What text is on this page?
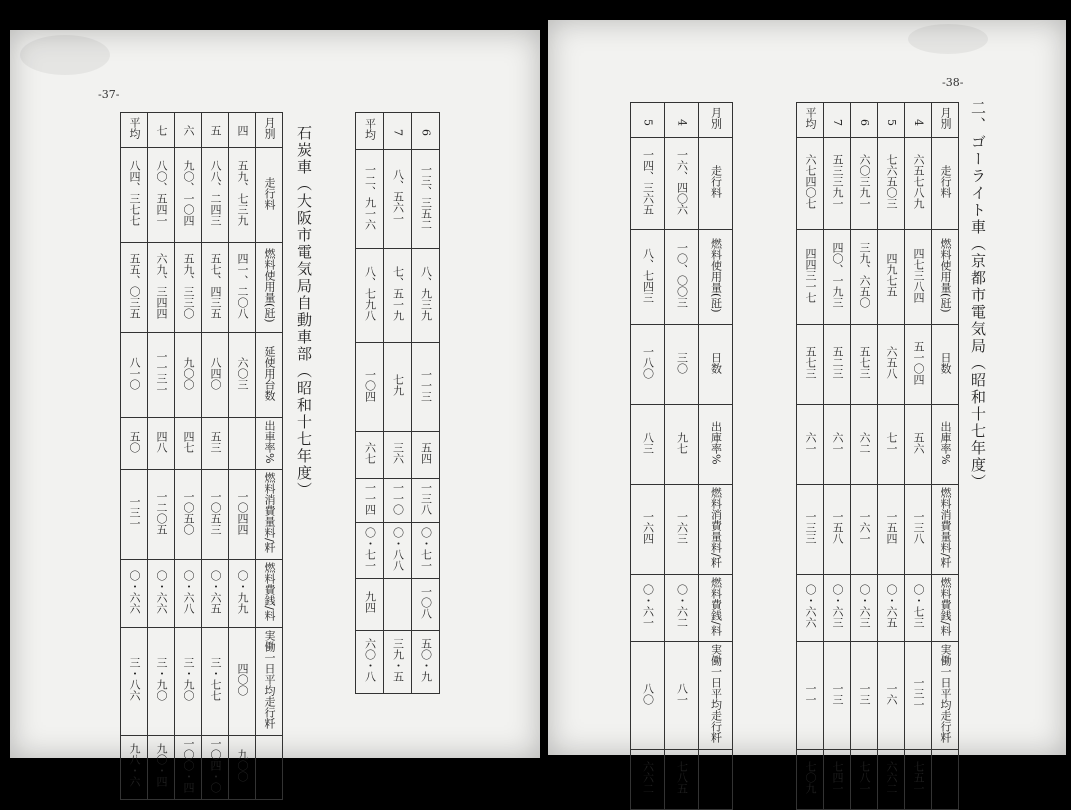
-37-
石炭車（大阪市電気局自動車部（昭和十七年度）
平均	七	六	五	四	月別
八四、三七七	八〇、五四一	九〇、一〇四	八八、二四三	五九、七三九	走行料
五五、〇三五	六九、三四四	五九、三三〇	五七、四三五	四一、二〇八	燃料使用量(瓩)
八一〇	一一三一	九〇〇	八四〇	六〇三	延使用台数
五〇	四八	四七	五三		出車率%
一三一	一二〇五	一〇五〇	一〇五三	一〇四四	燃料消費量料/粁
〇・六六	〇・六六	〇・六八	〇・六五	〇・九九	燃料費銭/料
三・八六	三・九〇	三・九〇	三・七七	四〇〇	実働一日平均走行粁
九八・六	九〇・四	一〇〇・四	一〇四・〇	九〇〇	
平均	7	6
一二、九一六	八、五六一	一三、三五二
八、七九八	七、五一九	八、九三九
一〇四	七九	一一三
六七	三六	五四
一一四	一一〇	一三八
〇・七一	〇・八八	〇・七一
九四		一〇八
六〇・八	三九・五	五〇・九
-38-
二、ゴーライト車（京都市電気局（昭和十七年度）
平均	7	6	5	4	月別
六七四〇七	五三三九一	六〇三九一	七六五〇三	六五七八九	走行料
四四三一七	四〇、一九三	三九、六五〇	四九七五	四七三八四	燃料使用量(瓩)
五七三	五二三	五七三	六五八	五一〇四	日数
六一	六一	六二	七一	五六	出庫率%
一三三	一五八	一六一	一五四	一三八	燃料消費量料/粁
〇・六六	〇・六三	〇・六三	〇・六五	〇・七三	燃料費銭/料
一一	一三	一三	一六	一三一	実働一日平均走行粁
七〇九	七四一	七八一	六六二	七五一	
5	4	月別
一四、三六五	一六、四〇六	走行料
八、七四三	一〇、〇〇三	燃料使用量(瓩)
一八〇	三〇	日数
八三	九七	出庫率%
一六四	一六三	燃料消費量料/粁
〇・六一	〇・六二	燃料費銭/料
八〇	八一	実働一日平均走行粁
六六二	七八五	
